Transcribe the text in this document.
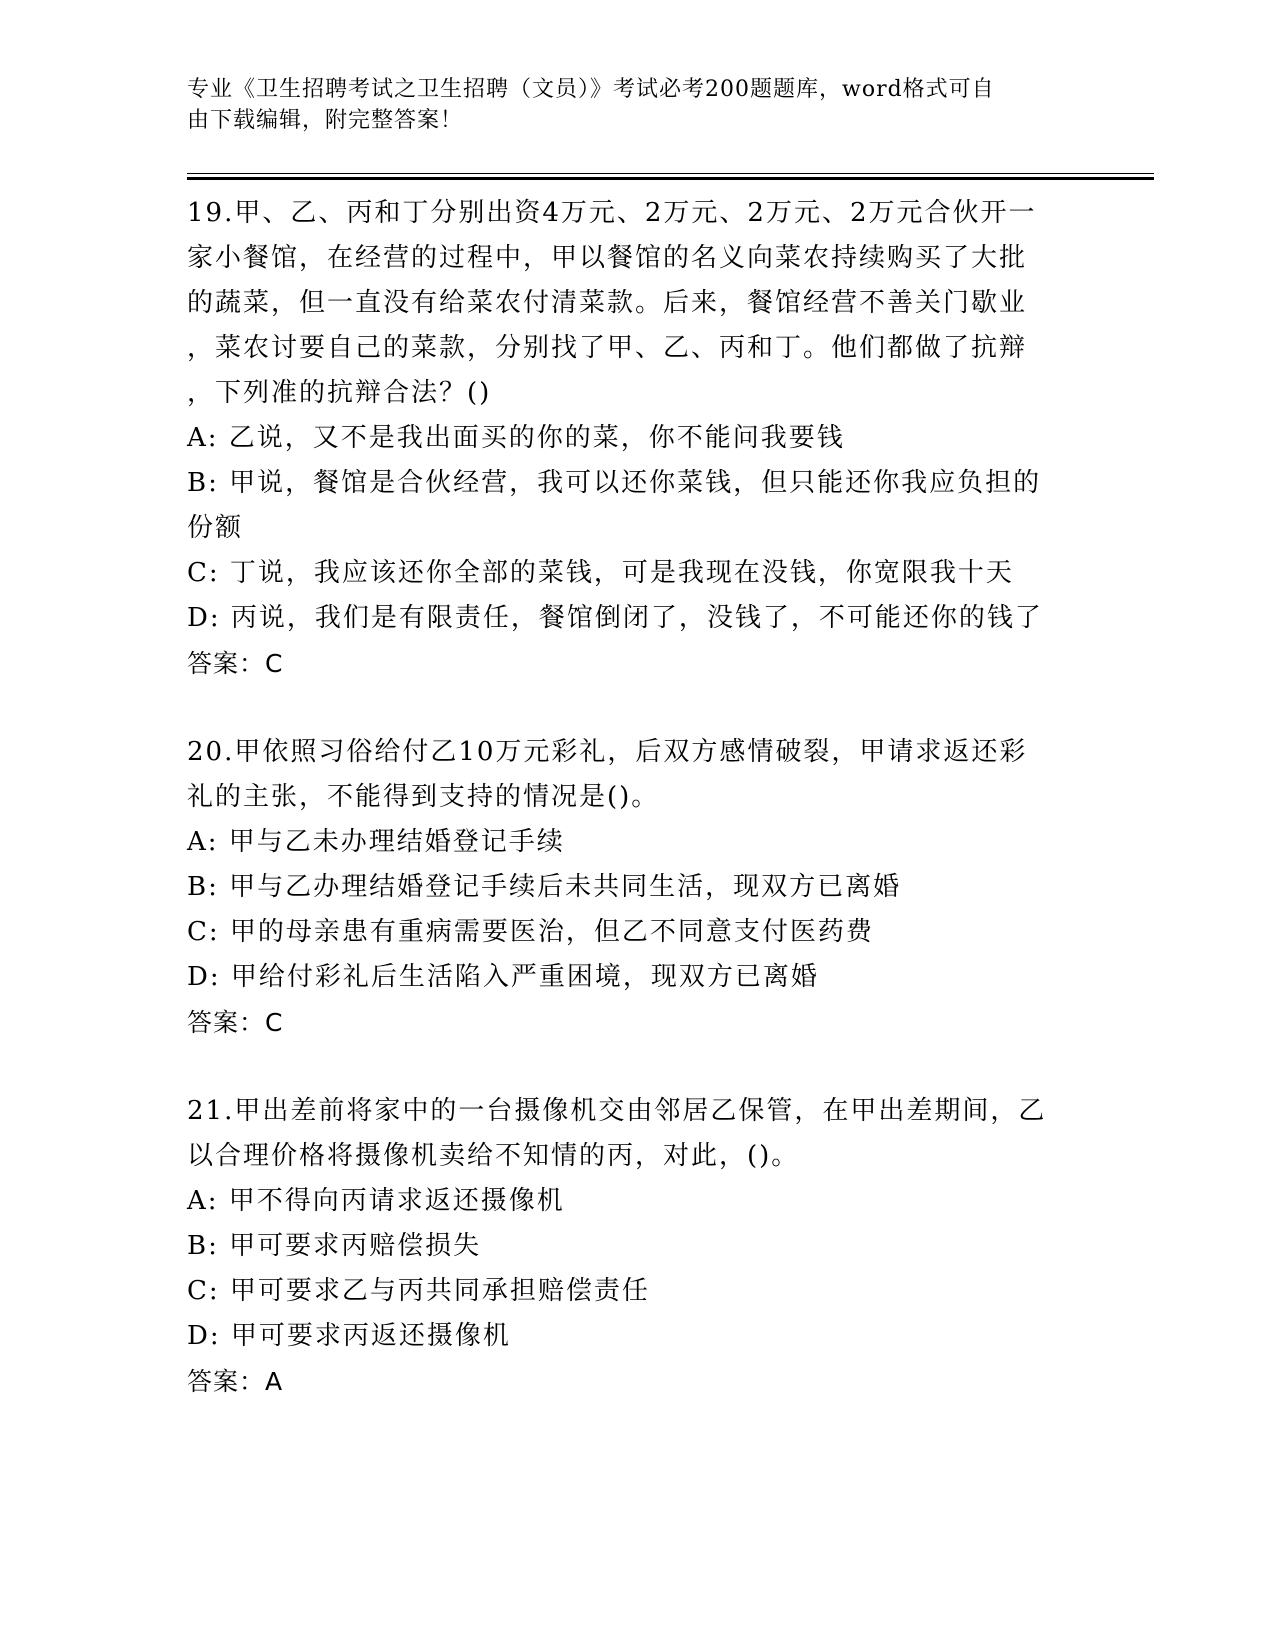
专业《卫生招聘考试之卫生招聘（文员）》考试必考200题题库，word格式可自
由下载编辑，附完整答案！
19.甲、乙、丙和丁分别出资4万元、2万元、2万元、2万元合伙开一
家小餐馆，在经营的过程中，甲以餐馆的名义向菜农持续购买了大批
的蔬菜，但一直没有给菜农付清菜款。后来，餐馆经营不善关门歇业
，菜农讨要自己的菜款，分别找了甲、乙、丙和丁。他们都做了抗辩
，下列准的抗辩合法？()
A: 乙说，又不是我出面买的你的菜，你不能问我要钱
B: 甲说，餐馆是合伙经营，我可以还你菜钱，但只能还你我应负担的
份额
C: 丁说，我应该还你全部的菜钱，可是我现在没钱，你宽限我十天
D: 丙说，我们是有限责任，餐馆倒闭了，没钱了，不可能还你的钱了
答案：C
20.甲依照习俗给付乙10万元彩礼，后双方感情破裂，甲请求返还彩
礼的主张，不能得到支持的情况是()。
A: 甲与乙未办理结婚登记手续
B: 甲与乙办理结婚登记手续后未共同生活，现双方已离婚
C: 甲的母亲患有重病需要医治，但乙不同意支付医药费
D: 甲给付彩礼后生活陷入严重困境，现双方已离婚
答案：C
21.甲出差前将家中的一台摄像机交由邻居乙保管，在甲出差期间，乙
以合理价格将摄像机卖给不知情的丙，对此，()。
A: 甲不得向丙请求返还摄像机
B: 甲可要求丙赔偿损失
C: 甲可要求乙与丙共同承担赔偿责任
D: 甲可要求丙返还摄像机
答案：A
